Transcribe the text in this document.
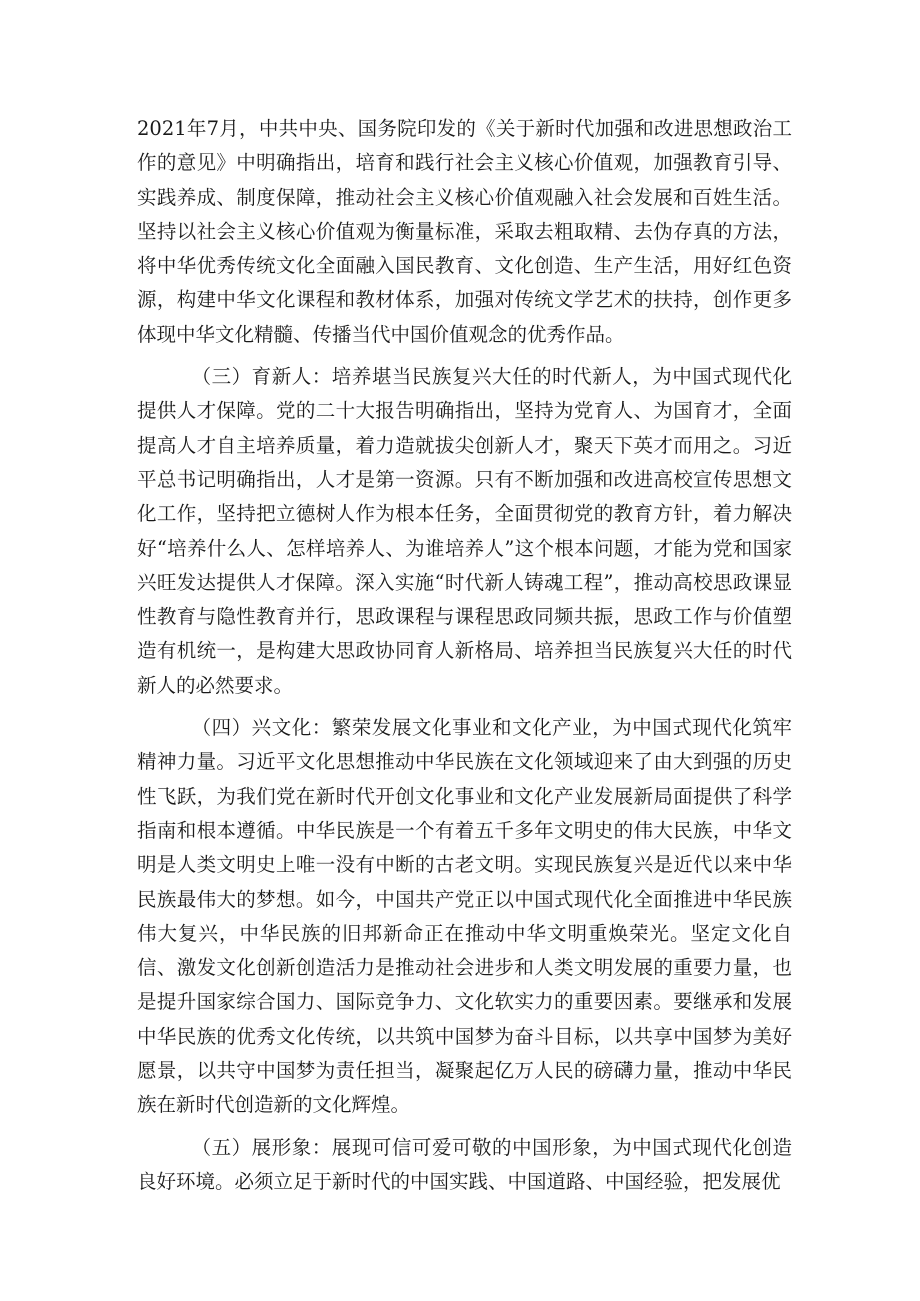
2021年7月，中共中央、国务院印发的《关于新时代加强和改进思想政治工作的意见》中明确指出，培育和践行社会主义核心价值观，加强教育引导、实践养成、制度保障，推动社会主义核心价值观融入社会发展和百姓生活。坚持以社会主义核心价值观为衡量标准，采取去粗取精、去伪存真的方法，将中华优秀传统文化全面融入国民教育、文化创造、生产生活，用好红色资源，构建中华文化课程和教材体系，加强对传统文学艺术的扶持，创作更多体现中华文化精髓、传播当代中国价值观念的优秀作品。

（三）育新人：培养堪当民族复兴大任的时代新人，为中国式现代化提供人才保障。党的二十大报告明确指出，坚持为党育人、为国育才，全面提高人才自主培养质量，着力造就拔尖创新人才，聚天下英才而用之。习近平总书记明确指出，人才是第一资源。只有不断加强和改进高校宣传思想文化工作，坚持把立德树人作为根本任务，全面贯彻党的教育方针，着力解决好“培养什么人、怎样培养人、为谁培养人”这个根本问题，才能为党和国家兴旺发达提供人才保障。深入实施“时代新人铸魂工程”，推动高校思政课显性教育与隐性教育并行，思政课程与课程思政同频共振，思政工作与价值塑造有机统一，是构建大思政协同育人新格局、培养担当民族复兴大任的时代新人的必然要求。

（四）兴文化：繁荣发展文化事业和文化产业，为中国式现代化筑牢精神力量。习近平文化思想推动中华民族在文化领域迎来了由大到强的历史性飞跃，为我们党在新时代开创文化事业和文化产业发展新局面提供了科学指南和根本遵循。中华民族是一个有着五千多年文明史的伟大民族，中华文明是人类文明史上唯一没有中断的古老文明。实现民族复兴是近代以来中华民族最伟大的梦想。如今，中国共产党正以中国式现代化全面推进中华民族伟大复兴，中华民族的旧邦新命正在推动中华文明重焕荣光。坚定文化自信、激发文化创新创造活力是推动社会进步和人类文明发展的重要力量，也是提升国家综合国力、国际竞争力、文化软实力的重要因素。要继承和发展中华民族的优秀文化传统，以共筑中国梦为奋斗目标，以共享中国梦为美好愿景，以共守中国梦为责任担当，凝聚起亿万人民的磅礴力量，推动中华民族在新时代创造新的文化辉煌。

（五）展形象：展现可信可爱可敬的中国形象，为中国式现代化创造良好环境。必须立足于新时代的中国实践、中国道路、中国经验，把发展优
